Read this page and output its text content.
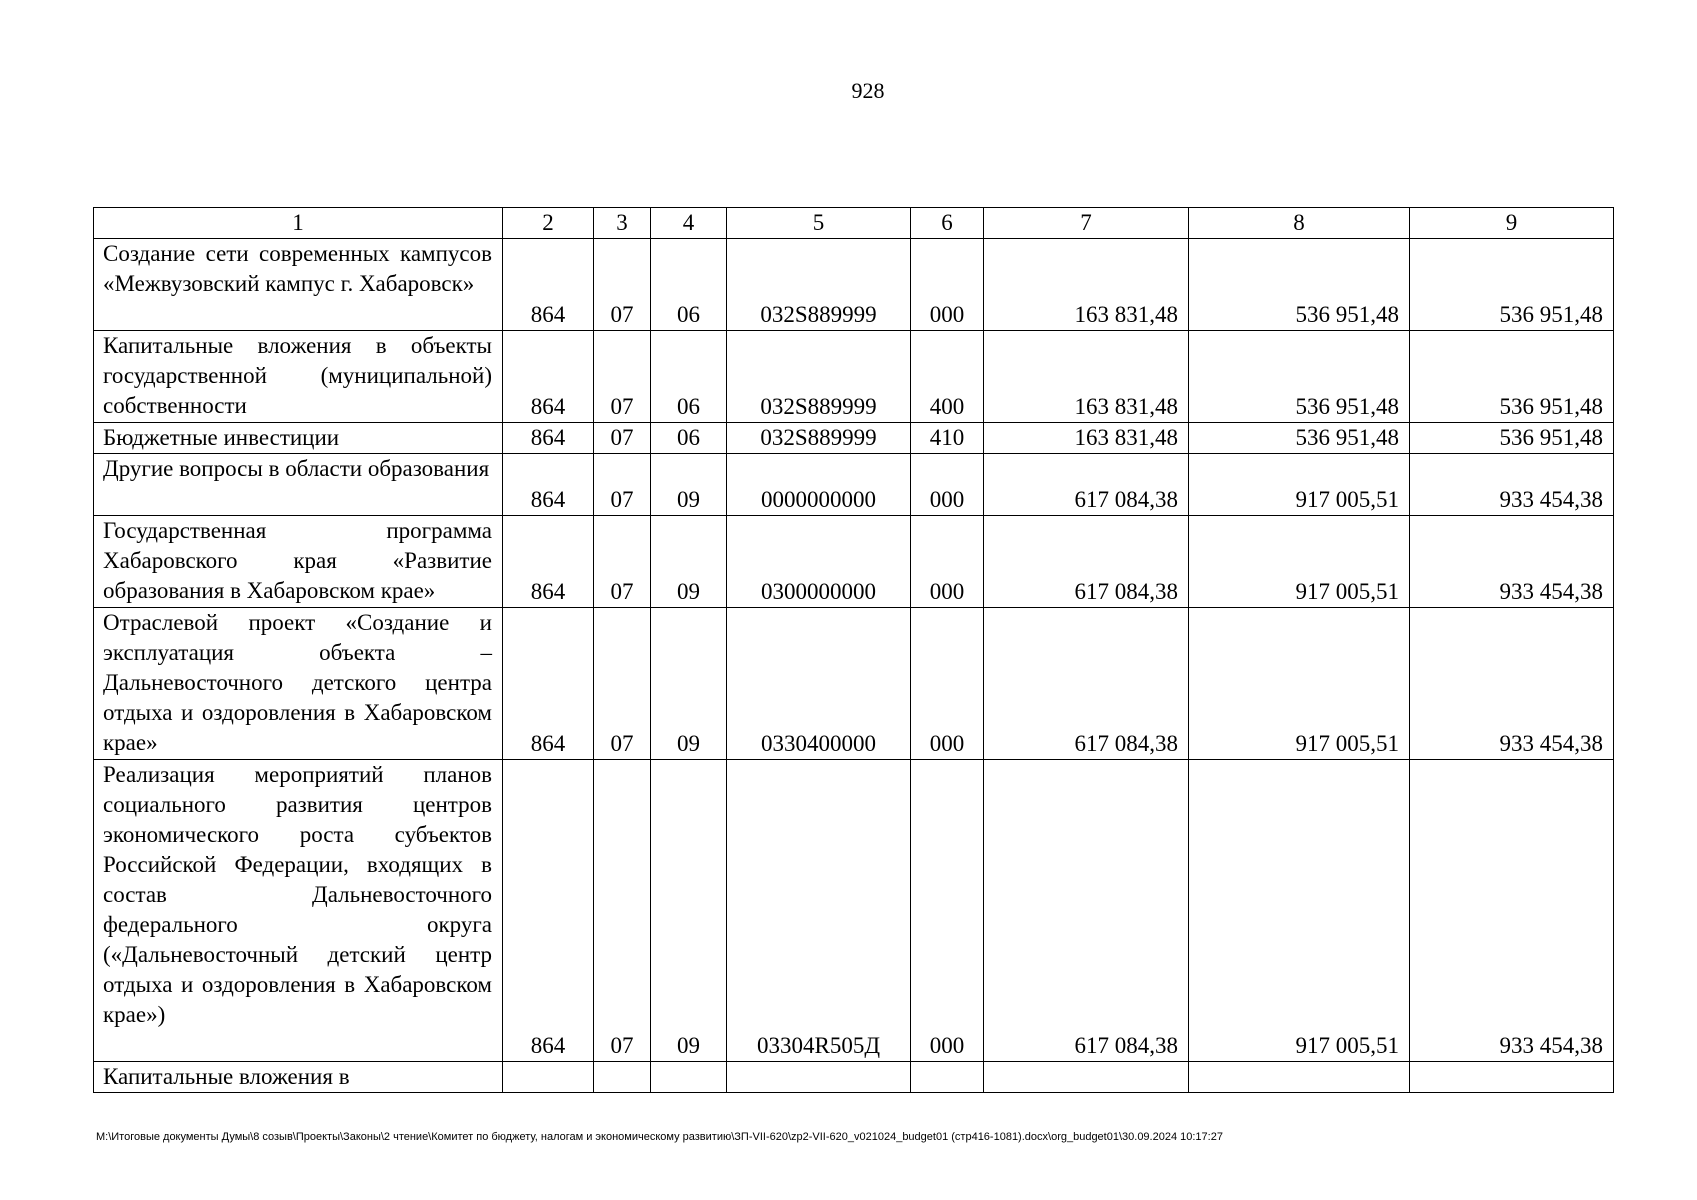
928
1	2	3	4	5	6	7	8	9
Создание сети современных кампусов «Межвузовский кампус г. Хабаровск»	864	07	06	032S889999	000	163 831,48	536 951,48	536 951,48
Капитальные вложения в объекты государственной (муниципальной) собственности	864	07	06	032S889999	400	163 831,48	536 951,48	536 951,48
Бюджетные инвестиции	864	07	06	032S889999	410	163 831,48	536 951,48	536 951,48
Другие вопросы в области образования	864	07	09	0000000000	000	617 084,38	917 005,51	933 454,38
Государственная программа Хабаровского края «Развитие образования в Хабаровском крае»	864	07	09	0300000000	000	617 084,38	917 005,51	933 454,38
Отраслевой проект «Создание и эксплуатация объекта – Дальневосточного детского центра отдыха и оздоровления в Хабаровском крае»	864	07	09	0330400000	000	617 084,38	917 005,51	933 454,38
Реализация мероприятий планов социального развития центров экономического роста субъектов Российской Федерации, входящих в состав Дальневосточного федерального округа («Дальневосточный детский центр отдыха и оздоровления в Хабаровском крае»)	864	07	09	03304R505Д	000	617 084,38	917 005,51	933 454,38
Капитальные вложения в								
М:\Итоговые документы Думы\8 созыв\Проекты\Законы\2 чтение\Комитет по бюджету, налогам и экономическому развитию\ЗП-VII-620\zp2-VII-620_v021024_budget01 (стр416-1081).docx\org_budget01\30.09.2024 10:17:27
